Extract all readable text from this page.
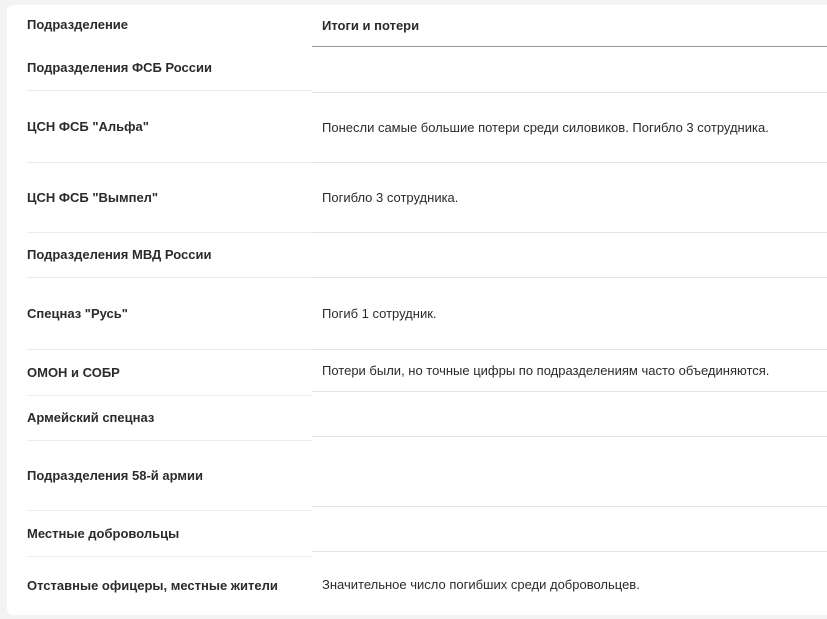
Подразделение
Подразделения ФСБ России
ЦСН ФСБ "Альфа"
ЦСН ФСБ "Вымпел"
Подразделения МВД России
Спецназ "Русь"
ОМОН и СОБР
Армейский спецназ
Подразделения 58-й армии
Местные добровольцы
Отставные офицеры, местные жители
Итоги и потери
Понесли самые большие потери среди силовиков. Погибло 3 сотрудника.
Погибло 3 сотрудника.
Погиб 1 сотрудник.
Потери были, но точные цифры по подразделениям часто объединяются.
Значительное число погибших среди добровольцев.
